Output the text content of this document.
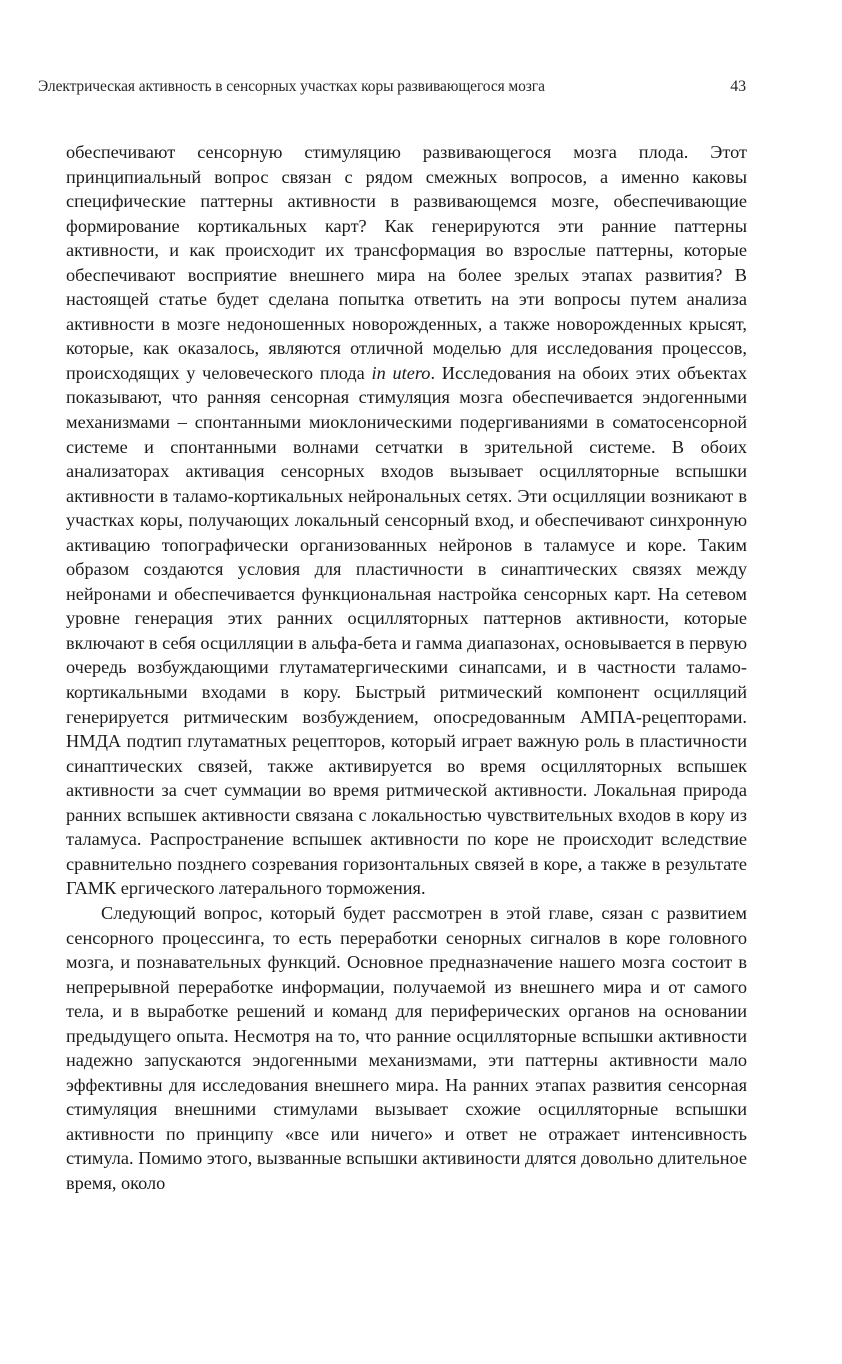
Электрическая активность в сенсорных участках коры развивающегося мозга	43

обеспечивают сенсорную стимуляцию развивающегося мозга плода. Этот принципиальный вопрос связан с рядом смежных вопросов, а именно каковы специфические паттерны активности в развивающемся мозге, обеспечивающие формирование кортикальных карт? Как генерируются эти ранние паттерны активности, и как происходит их трансформация во взрослые паттерны, которые обеспечивают восприятие внешнего мира на более зрелых этапах развития? В настоящей статье будет сделана попытка ответить на эти вопросы путем анализа активности в мозге недоношенных новорожденных, а также новорожденных крысят, которые, как оказалось, являются отличной моделью для исследования процессов, происходящих у человеческого плода in utero. Исследования на обоих этих объектах показывают, что ранняя сенсорная стимуляция мозга обеспечивается эндогенными механизмами – спонтанными миоклоническими подергиваниями в соматосенсорной системе и спонтанными волнами сетчатки в зрительной системе. В обоих анализаторах активация сенсорных входов вызывает осцилляторные вспышки активности в таламо-кортикальных нейрональных сетях. Эти осцилляции возникают в участках коры, получающих локальный сенсорный вход, и обеспечивают синхронную активацию топографически организованных нейронов в таламусе и коре. Таким образом создаются условия для пластичности в синаптических связях между нейронами и обеспечивается функциональная настройка сенсорных карт. На сетевом уровне генерация этих ранних осцилляторных паттернов активности, которые включают в себя осцилляции в альфа-бета и гамма диапазонах, основывается в первую очередь возбуждающими глутаматергическими синапсами, и в частности таламо-кортикальными входами в кору. Быстрый ритмический компонент осцилляций генерируется ритмическим возбуждением, опосредованным АМПА-рецепторами. НМДА подтип глутаматных рецепторов, который играет важную роль в пластичности синаптических связей, также активируется во время осцилляторных вспышек активности за счет суммации во время ритмической активности. Локальная природа ранних вспышек активности связана с локальностью чувствительных входов в кору из таламуса. Распространение вспышек активности по коре не происходит вследствие сравнительно позднего созревания горизонтальных связей в коре, а также в результате ГАМК ергического латерального торможения.

Следующий вопрос, который будет рассмотрен в этой главе, сязан с развитием сенсорного процессинга, то есть переработки сенорных сигналов в коре головного мозга, и познавательных функций. Основное предназначение нашего мозга состоит в непрерывной переработке информации, получаемой из внешнего мира и от самого тела, и в выработке решений и команд для периферических органов на основании предыдущего опыта. Несмотря на то, что ранние осцилляторные вспышки активности надежно запускаются эндогенными механизмами, эти паттерны активности мало эффективны для исследования внешнего мира. На ранних этапах развития сенсорная стимуляция внешними стимулами вызывает схожие осцилляторные вспышки активности по принципу «все или ничего» и ответ не отражает интенсивность стимула. Помимо этого, вызванные вспышки активиности длятся довольно длительное время, около
